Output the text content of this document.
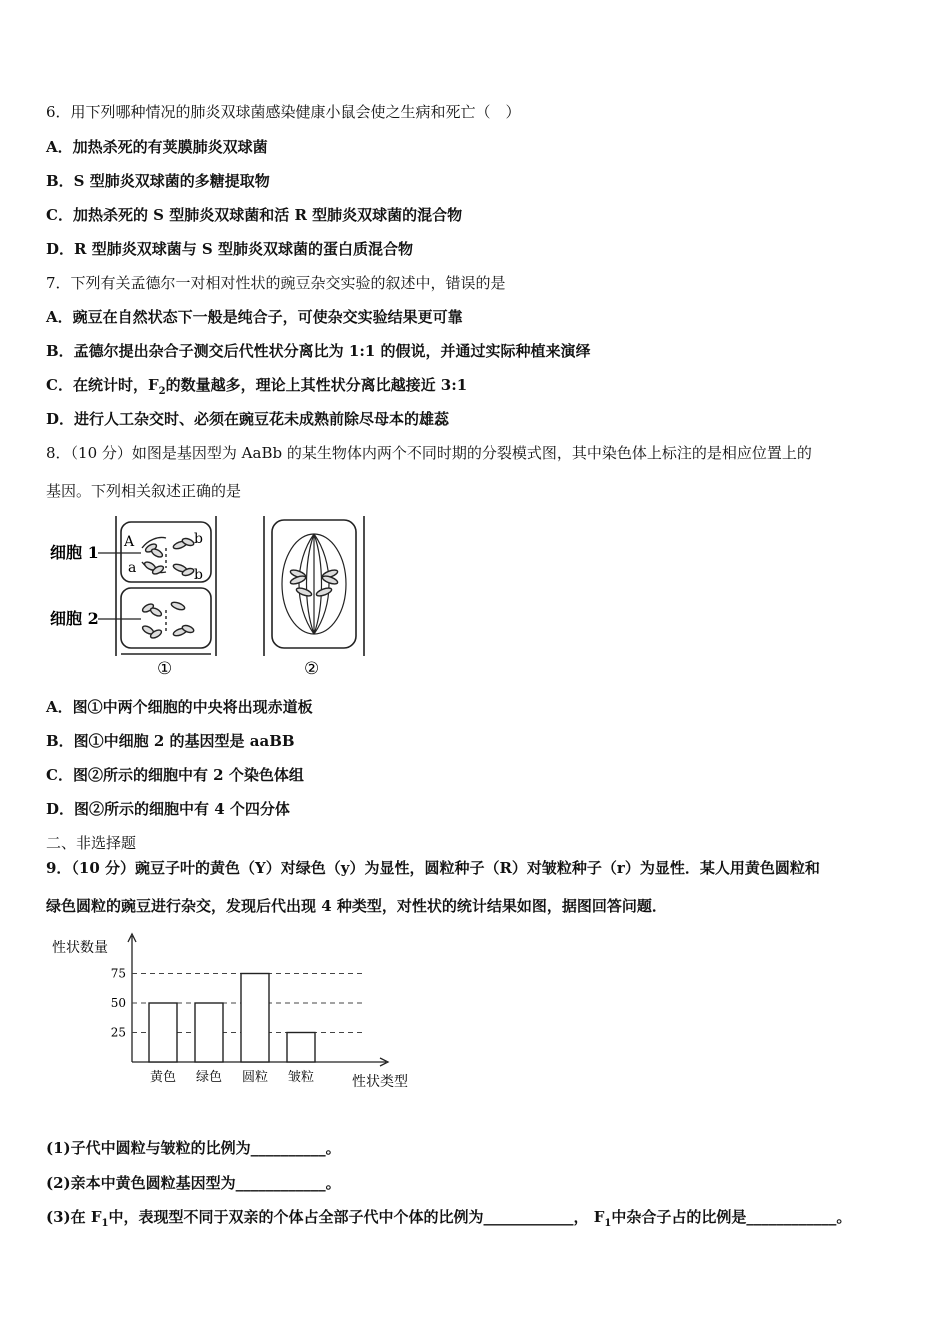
6．用下列哪种情况的肺炎双球菌感染健康小鼠会使之生病和死亡（　）
A．加热杀死的有荚膜肺炎双球菌
B．S 型肺炎双球菌的多糖提取物
C．加热杀死的 S 型肺炎双球菌和活 R 型肺炎双球菌的混合物
D．R 型肺炎双球菌与 S 型肺炎双球菌的蛋白质混合物
7．下列有关孟德尔一对相对性状的豌豆杂交实验的叙述中，错误的是
A．豌豆在自然状态下一般是纯合子，可使杂交实验结果更可靠
B．孟德尔提出杂合子测交后代性状分离比为 1:1 的假说，并通过实际种植来演绎
C．在统计时，$F_2$的数量越多，理论上其性状分离比越接近 3:1
D．进行人工杂交时、必须在豌豆花未成熟前除尽母本的雄蕊
8．（10 分）如图是基因型为 AaBb 的某生物体内两个不同时期的分裂模式图，其中染色体上标注的是相应位置上的
基因。下列相关叙述正确的是
细胞 1
细胞 2
A
a
b
b
①	②
A．图①中两个细胞的中央将出现赤道板
B．图①中细胞 2 的基因型是 aaBB
C．图②所示的细胞中有 2 个染色体组
D．图②所示的细胞中有 4 个四分体
二、非选择题
9．（10 分）豌豆子叶的黄色（Y）对绿色（y）为显性，圆粒种子（R）对皱粒种子（r）为显性．某人用黄色圆粒和
绿色圆粒的豌豆进行杂交，发现后代出现 4 种类型，对性状的统计结果如图，据图回答问题．
25
50
75
黄色 绿色 圆粒 皱粒
性状数量
性状类型
(1)子代中圆粒与皱粒的比例为__________。
(2)亲本中黄色圆粒基因型为____________。
(3)在 $F_1$中，表现型不同于双亲的个体占全部子代中个体的比例为____________， $F_1$中杂合子占的比例是____________。
